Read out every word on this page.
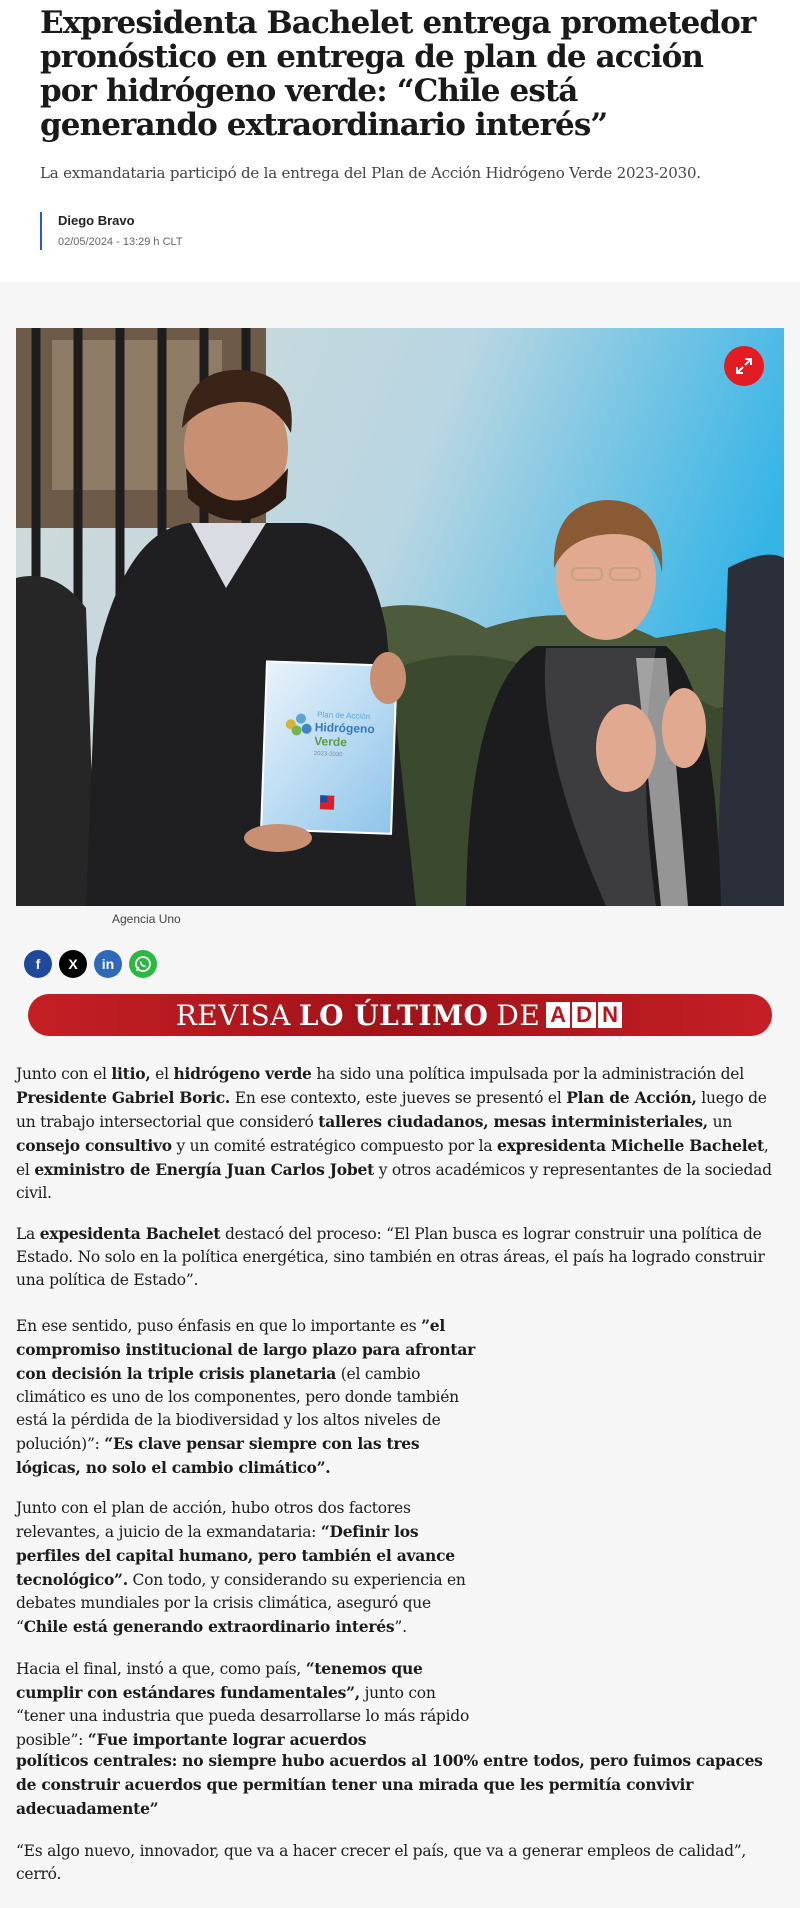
Expresidenta Bachelet entrega prometedor pronóstico en entrega de plan de acción por hidrógeno verde: “Chile está generando extraordinario interés”

La exmandataria participó de la entrega del Plan de Acción Hidrógeno Verde 2023-2030.

Diego Bravo
02/05/2024 - 13:29 h CLT
Plan de Acción
Hidrógeno
Verde
2023-2030
Agencia Uno
f X in
REVISA LO ÚLTIMO DE A D N

Junto con el litio, el hidrógeno verde ha sido una política impulsada por la administración del Presidente Gabriel Boric. En ese contexto, este jueves se presentó el Plan de Acción, luego de un trabajo intersectorial que consideró talleres ciudadanos, mesas interministeriales, un consejo consultivo y un comité estratégico compuesto por la expresidenta Michelle Bachelet, el exministro de Energía Juan Carlos Jobet y otros académicos y representantes de la sociedad civil.

La expesidenta Bachelet destacó del proceso: “El Plan busca es lograr construir una política de Estado. No solo en la política energética, sino también en otras áreas, el país ha logrado construir una política de Estado”.

En ese sentido, puso énfasis en que lo importante es ”el compromiso institucional de largo plazo para afrontar con decisión la triple crisis planetaria (el cambio climático es uno de los componentes, pero donde también está la pérdida de la biodiversidad y los altos niveles de polución)”: “Es clave pensar siempre con las tres lógicas, no solo el cambio climático”.

Junto con el plan de acción, hubo otros dos factores relevantes, a juicio de la exmandataria: “Definir los perfiles del capital humano, pero también el avance tecnológico”. Con todo, y considerando su experiencia en debates mundiales por la crisis climática, aseguró que “Chile está generando extraordinario interés”.

Hacia el final, instó a que, como país, “tenemos que cumplir con estándares fundamentales”, junto con “tener una industria que pueda desarrollarse lo más rápido posible”: “Fue importante lograr acuerdos

políticos centrales: no siempre hubo acuerdos al 100% entre todos, pero fuimos capaces de construir acuerdos que permitían tener una mirada que les permitía convivir adecuadamente”

“Es algo nuevo, innovador, que va a hacer crecer el país, que va a generar empleos de calidad”, cerró.
